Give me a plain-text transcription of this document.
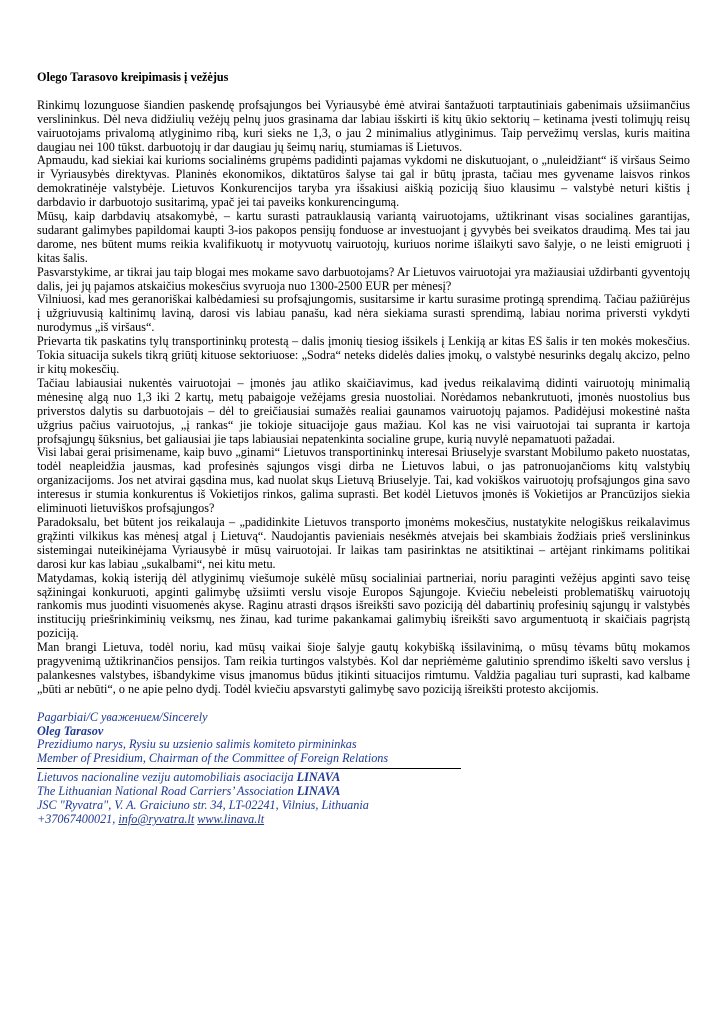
Olego Tarasovo kreipimasis į vežėjus

Rinkimų lozunguose šiandien paskendę profsąjungos bei Vyriausybė ėmė atvirai šantažuoti tarptautiniais gabenimais užsiimančius verslininkus. Dėl nevа didžiulių vežėjų pelnų juos grasinama dar labiau išskirti iš kitų ūkio sektorių – ketinama įvesti tolimųjų reisų vairuotojams privalomą atlyginimo ribą, kuri sieks ne 1,3, o jau 2 minimalius atlyginimus. Taip pervežimų verslas, kuris maitina daugiau nei 100 tūkst. darbuotojų ir dar daugiau jų šeimų narių, stumiamas iš Lietuvos.

Apmaudu, kad siekiai kai kurioms socialinėms grupėms padidinti pajamas vykdomi ne diskutuojant, o „nuleidžiant“ iš viršaus Seimo ir Vyriausybės direktyvas. Planinės ekonomikos, diktatūros šalyse tai gal ir būtų įprasta, tačiau mes gyvename laisvos rinkos demokratinėje valstybėje. Lietuvos Konkurencijos taryba yra išsakiusi aiškią poziciją šiuo klausimu – valstybė neturi kištis į darbdavio ir darbuotojo susitarimą, ypač jei tai paveiks konkurencingumą.

Mūsų, kaip darbdavių atsakomybė, – kartu surasti patrauklausią variantą vairuotojams, užtikrinant visas socialines garantijas, sudarant galimybes papildomai kaupti 3-ios pakopos pensijų fonduose ar investuojant į gyvybės bei sveikatos draudimą. Mes tai jau darome, nes būtent mums reikia kvalifikuotų ir motyvuotų vairuotojų, kuriuos norime išlaikyti savo šalyje, o ne leisti emigruoti į kitas šalis.

Pasvarstykime, ar tikrai jau taip blogai mes mokame savo darbuotojams? Ar Lietuvos vairuotojai yra mažiausiai uždirbanti gyventojų dalis, jei jų pajamos atskaičius mokesčius svyruoja nuo 1300-2500 EUR per mėnesį?

Vilniuosi, kad mes geranoriškai kalbėdamiesi su profsąjungomis, susitarsime ir kartu surasime protingą sprendimą. Tačiau pažiūrėjus į užgriuvusią kaltinimų laviną, darosi vis labiau panašu, kad nėra siekiama surasti sprendimą, labiau norima priversti vykdyti nurodymus „iš viršaus“.

Prievarta tik paskatins tylų transportininkų protestą – dalis įmonių tiesiog išsikels į Lenkiją ar kitas ES šalis ir ten mokės mokesčius. Tokia situacija sukels tikrą griūtį kituose sektoriuose: „Sodra“ neteks didelės dalies įmokų, o valstybė nesurinks degalų akcizo, pelno ir kitų mokesčių.

Tačiau labiausiai nukentės vairuotojai – įmonės jau atliko skaičiavimus, kad įvedus reikalavimą didinti vairuotojų minimalią mėnesinę algą nuo 1,3 iki 2 kartų, metų pabaigoje vežėjams gresia nuostoliai. Norėdamos nebankrutuoti, įmonės nuostolius bus priverstos dalytis su darbuotojais – dėl to greičiausiai sumažės realiai gaunamos vairuotojų pajamos. Padidėjusi mokestinė našta užgrius pačius vairuotojus, „į rankas“ jie tokioje situacijoje gaus mažiau. Kol kas ne visi vairuotojai tai supranta ir kartoja profsąjungų šūksnius, bet galiausiai jie taps labiausiai nepatenkinta socialine grupe, kurią nuvylė nepamatuoti pažadai.

Visi labai gerai prisimename, kaip buvo „ginami“ Lietuvos transportininkų interesai Briuselyje svarstant Mobilumo paketo nuostatas, todėl neapleidžia jausmas, kad profesinės sąjungos visgi dirba ne Lietuvos labui, o jas patronuojančioms kitų valstybių organizacijoms. Jos net atvirai gąsdina mus, kad nuolat skųs Lietuvą Briuselyje. Tai, kad vokiškos vairuotojų profsąjungos gina savo interesus ir stumia konkurentus iš Vokietijos rinkos, galima suprasti. Bet kodėl Lietuvos įmonės iš Vokietijos ar Prancūzijos siekia eliminuoti lietuviškos profsąjungos?

Paradoksalu, bet būtent jos reikalauja – „padidinkite Lietuvos transporto įmonėms mokesčius, nustatykite nelogiškus reikalavimus grąžinti vilkikus kas mėnesį atgal į Lietuvą“. Naudojantis pavieniais nesėkmės atvejais bei skambiais žodžiais prieš verslininkus sistemingai nuteikinėjama Vyriausybė ir mūsų vairuotojai. Ir laikas tam pasirinktas ne atsitiktinai – artėjant rinkimams politikai darosi kur kas labiau „sukalbami“, nei kitu metu.

Matydamas, kokią isteriją dėl atlyginimų viešumoje sukėlė mūsų socialiniai partneriai, noriu paraginti vežėjus apginti savo teisę sąžiningai konkuruoti, apginti galimybę užsiimti verslu visoje Europos Sąjungoje. Kviečiu nebeleisti problematiškų vairuotojų rankomis mus juodinti visuomenės akyse. Raginu atrasti drąsos išreikšti savo poziciją dėl dabartinių profesinių sąjungų ir valstybės institucijų priešrinkiminių veiksmų, nes žinau, kad turime pakankamai galimybių išreikšti savo argumentuotą ir skaičiais pagrįstą poziciją.

Man brangi Lietuva, todėl noriu, kad mūsų vaikai šioje šalyje gautų kokybišką išsilavinimą, o mūsų tėvams būtų mokamos pragyvenimą užtikrinančios pensijos. Tam reikia turtingos valstybės. Kol dar nepriėmėme galutinio sprendimo iškelti savo verslus į palankesnes valstybes, išbandykime visus įmanomus būdus įtikinti situacijos rimtumu. Valdžia pagaliau turi suprasti, kad kalbame „būti ar nebūti“, o ne apie pelno dydį. Todėl kviečiu apsvarstyti galimybę savo poziciją išreikšti protesto akcijomis.

Pagarbiai/С уважением/Sincerely

Oleg Tarasov

Prezidiumo narys, Rysiu su uzsienio salimis komiteto pirmininkas

Member of Presidium, Chairman of the Committee of Foreign Relations

Lietuvos nacionaline veziju automobiliais asociacija LINAVA

The Lithuanian National Road Carriers’ Association LINAVA

JSC "Ryvatra", V. A. Graiciuno str. 34, LT-02241, Vilnius, Lithuania

+37067400021, info@ryvatra.lt www.linava.lt
